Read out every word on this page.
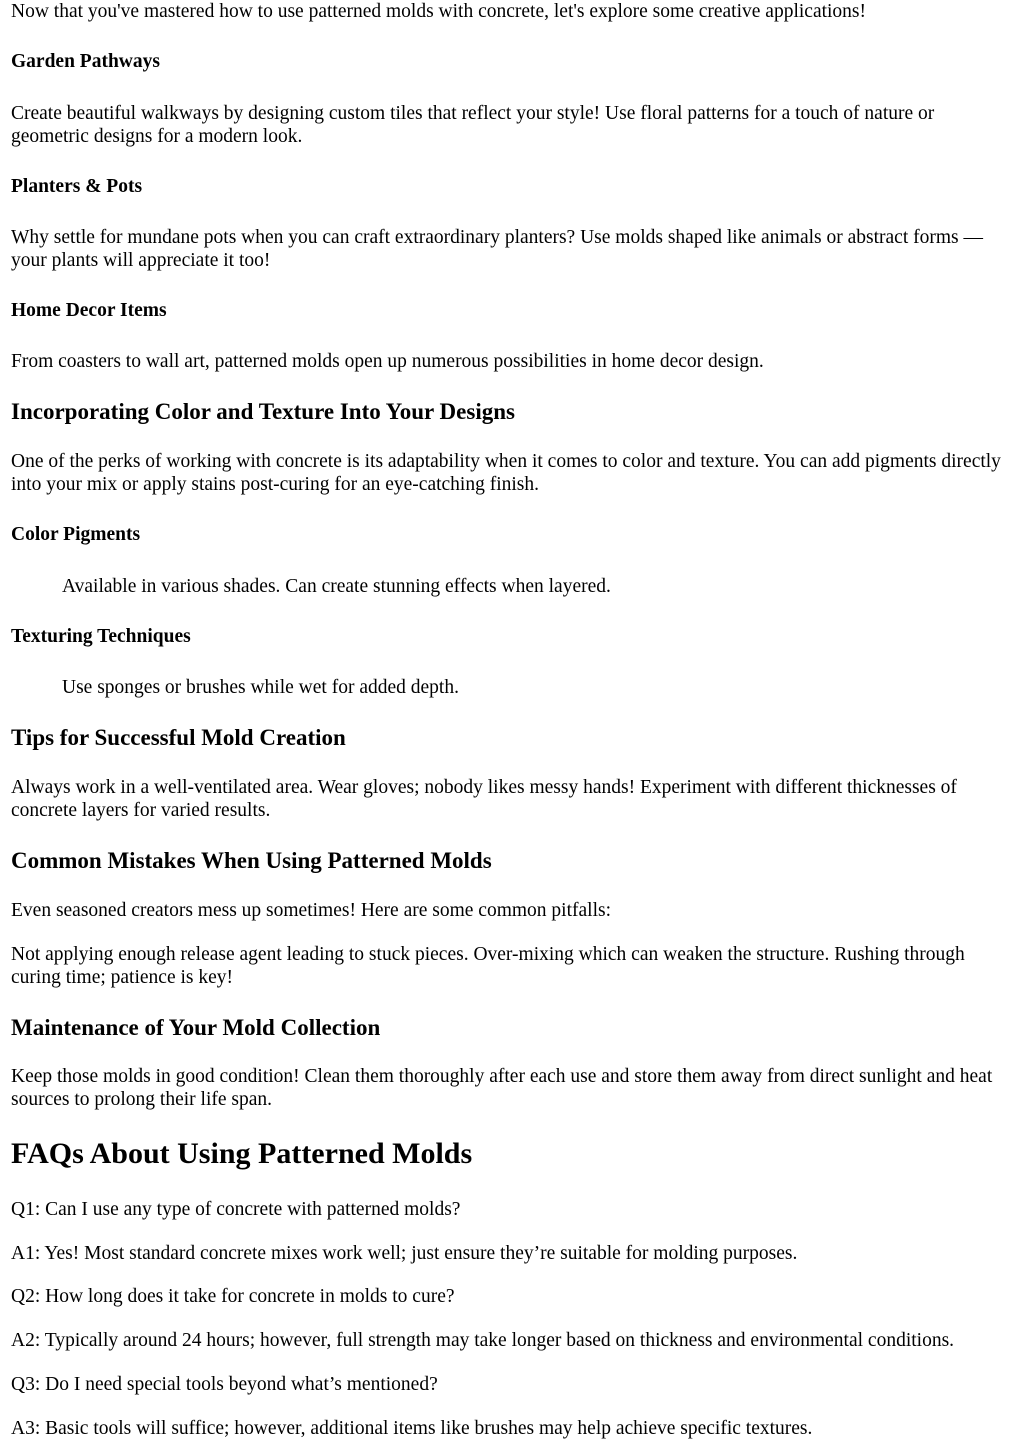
Now that you've mastered how to use patterned molds with concrete, let's explore some creative applications!

Garden Pathways

Create beautiful walkways by designing custom tiles that reflect your style! Use floral patterns for a touch of nature or geometric designs for a modern look.

Planters & Pots

Why settle for mundane pots when you can craft extraordinary planters? Use molds shaped like animals or abstract forms —your plants will appreciate it too!

Home Decor Items

From coasters to wall art, patterned molds open up numerous possibilities in home decor design.

Incorporating Color and Texture Into Your Designs

One of the perks of working with concrete is its adaptability when it comes to color and texture. You can add pigments directly into your mix or apply stains post-curing for an eye-catching finish.

Color Pigments

Available in various shades. Can create stunning effects when layered.

Texturing Techniques

Use sponges or brushes while wet for added depth.

Tips for Successful Mold Creation

Always work in a well-ventilated area. Wear gloves; nobody likes messy hands! Experiment with different thicknesses of concrete layers for varied results.

Common Mistakes When Using Patterned Molds

Even seasoned creators mess up sometimes! Here are some common pitfalls:

Not applying enough release agent leading to stuck pieces. Over-mixing which can weaken the structure. Rushing through curing time; patience is key!

Maintenance of Your Mold Collection

Keep those molds in good condition! Clean them thoroughly after each use and store them away from direct sunlight and heat sources to prolong their life span.

FAQs About Using Patterned Molds

Q1: Can I use any type of concrete with patterned molds?

A1: Yes! Most standard concrete mixes work well; just ensure they’re suitable for molding purposes.

Q2: How long does it take for concrete in molds to cure?

A2: Typically around 24 hours; however, full strength may take longer based on thickness and environmental conditions.

Q3: Do I need special tools beyond what’s mentioned?

A3: Basic tools will suffice; however, additional items like brushes may help achieve specific textures.
